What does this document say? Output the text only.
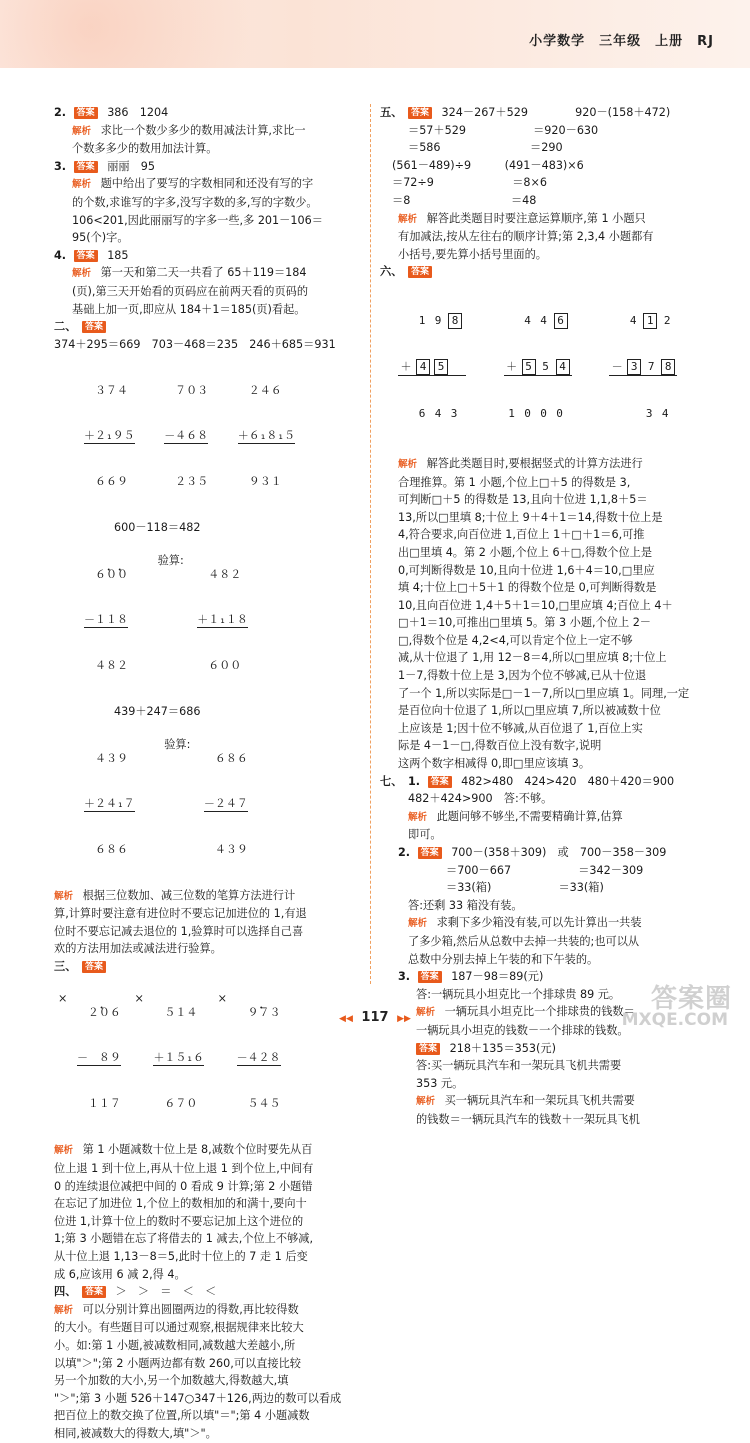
小学数学　三年级　上册　RJ
2. 答案 386　1204
解析 求比一个数少多少的数用减法计算,求比一
个数多多少的数用加法计算。
3. 答案 丽丽　95
解析 题中给出了要写的字数相同和还没有写的字
的个数,求谁写的字多,没写字数的多,写的字数少。
106<201,因此丽丽写的字多一些,多 201－106＝
95(个)字。
4. 答案 185
解析 第一天和第二天一共看了 65＋119＝184
(页),第三天开始看的页码应在前两天看的页码的
基础上加一页,即应从 184＋1＝185(页)看起。
二、 答案
374＋295＝669　703－468＝235　246＋685＝931

　３７４

＋２₁９５

　６６９

　７０３

－４６８

　２３５

　２４６

＋６₁８₁５

　９３１

600－118＝482

　６̇０̇０

－１１８

　４８２

验算:

　４８２

＋１₁１８

　６００

439＋247＝686

　４３９

＋２４₁７

　６８６

验算:

　６８６

－２４７

　４３９

解析 根据三位数加、减三位数的笔算方法进行计
算,计算时要注意有进位时不要忘记加进位的 1,有退
位时不要忘记减去退位的 1,验算时可以选择自己喜
欢的方法用加法或减法进行验算。
三、 答案
×

　２̇０６

－　８９

　１１７

×

　５１４

＋１５₁６

　６７０

×

　９̇７３

－４２８

　５４５

解析 第 1 小题减数十位上是 8,减数个位时要先从百
位上退 1 到十位上,再从十位上退 1 到个位上,中间有
0 的连续退位减把中间的 0 看成 9 计算;第 2 小题错
在忘记了加进位 1,个位上的数相加的和满十,要向十
位进 1,计算十位上的数时不要忘记加上这个进位的
1;第 3 小题错在忘了将借去的 1 减去,个位上不够减,
从十位上退 1,13－8＝5,此时十位上的 7 走 1 后变
成 6,应该用 6 减 2,得 4。
四、 答案 ＞　＞　＝　＜　＜
解析 可以分别计算出圆圈两边的得数,再比较得数
的大小。有些题目可以通过观察,根据规律来比较大
小。如:第 1 小题,被减数相同,减数越大差越小,所
以填"＞";第 2 小题两边都有数 260,可以直接比较
另一个加数的大小,另一个加数越大,得数越大,填
"＞";第 3 小题 526＋147○347＋126,两边的数可以看成
把百位上的数交换了位置,所以填"＝";第 4 小题减数
相同,被减数大的得数大,填"＞"。
五、 答案 324－267＋529	920－(158＋472)
＝57＋529　　　　　　＝920－630
＝586　　　　　　　　＝290
(561－489)÷9　　　(491－483)×6
＝72÷9　　　　　　　＝8×6
＝8　　　　　　　　　＝48
解析 解答此类题目时要注意运算顺序,第 1 小题只
有加减法,按从左往右的顺序计算;第 2,3,4 小题都有
小括号,要先算小括号里面的。
六、 答案

1 9 8

＋ 4	5

6 4 3

4 4 6

＋ 5 5 4

1 0 0 0

4 1 2

－ 3 7 8

3 4

解析 解答此类题目时,要根据竖式的计算方法进行
合理推算。第 1 小题,个位上□＋5 的得数是 3,
可判断□＋5 的得数是 13,且向十位进 1,1,8＋5＝
13,所以□里填 8;十位上 9＋4＋1＝14,得数十位上是
4,符合要求,向百位进 1,百位上 1＋□＋1＝6,可推
出□里填 4。第 2 小题,个位上 6＋□,得数个位上是
0,可判断得数是 10,且向十位进 1,6＋4＝10,□里应
填 4;十位上□＋5＋1 的得数个位是 0,可判断得数是
10,且向百位进 1,4＋5＋1＝10,□里应填 4;百位上 4＋
□＋1＝10,可推出□里填 5。第 3 小题,个位上 2－
□,得数个位是 4,2<4,可以肯定个位上一定不够
减,从十位退了 1,用 12－8＝4,所以□里应填 8;十位上
1－7,得数十位上是 3,因为个位不够减,已从十位退
了一个 1,所以实际是□－1－7,所以□里应填 1。同理,一定
是百位向十位退了 1,所以□里应填 7,所以被减数十位
上应该是 1;因十位不够减,从百位退了 1,百位上实
际是 4－1－□,得数百位上没有数字,说明
这两个数字相减得 0,即□里应该填 3。
七、 1. 答案 482>480　424>420　480＋420＝900
482＋424>900　答:不够。
解析 此题问够不够坐,不需要精确计算,估算
即可。
2. 答案 700－(358＋309)　或　700－358－309
＝700－667　　　　　　＝342－309
＝33(箱)　　　　　　＝33(箱)
答:还剩 33 箱没有装。
解析 求剩下多少箱没有装,可以先计算出一共装
了多少箱,然后从总数中去掉一共装的;也可以从
总数中分别去掉上午装的和下午装的。
3. 答案 187－98＝89(元)
答:一辆玩具小坦克比一个排球贵 89 元。
解析 一辆玩具小坦克比一个排球贵的钱数＝
一辆玩具小坦克的钱数－一个排球的钱数。
答案 218＋135＝353(元)
答:买一辆玩具汽车和一架玩具飞机共需要
353 元。
解析 买一辆玩具汽车和一架玩具飞机共需要
的钱数＝一辆玩具汽车的钱数＋一架玩具飞机
◀◀ 117 ▶▶
答案圈
MXQE.COM
